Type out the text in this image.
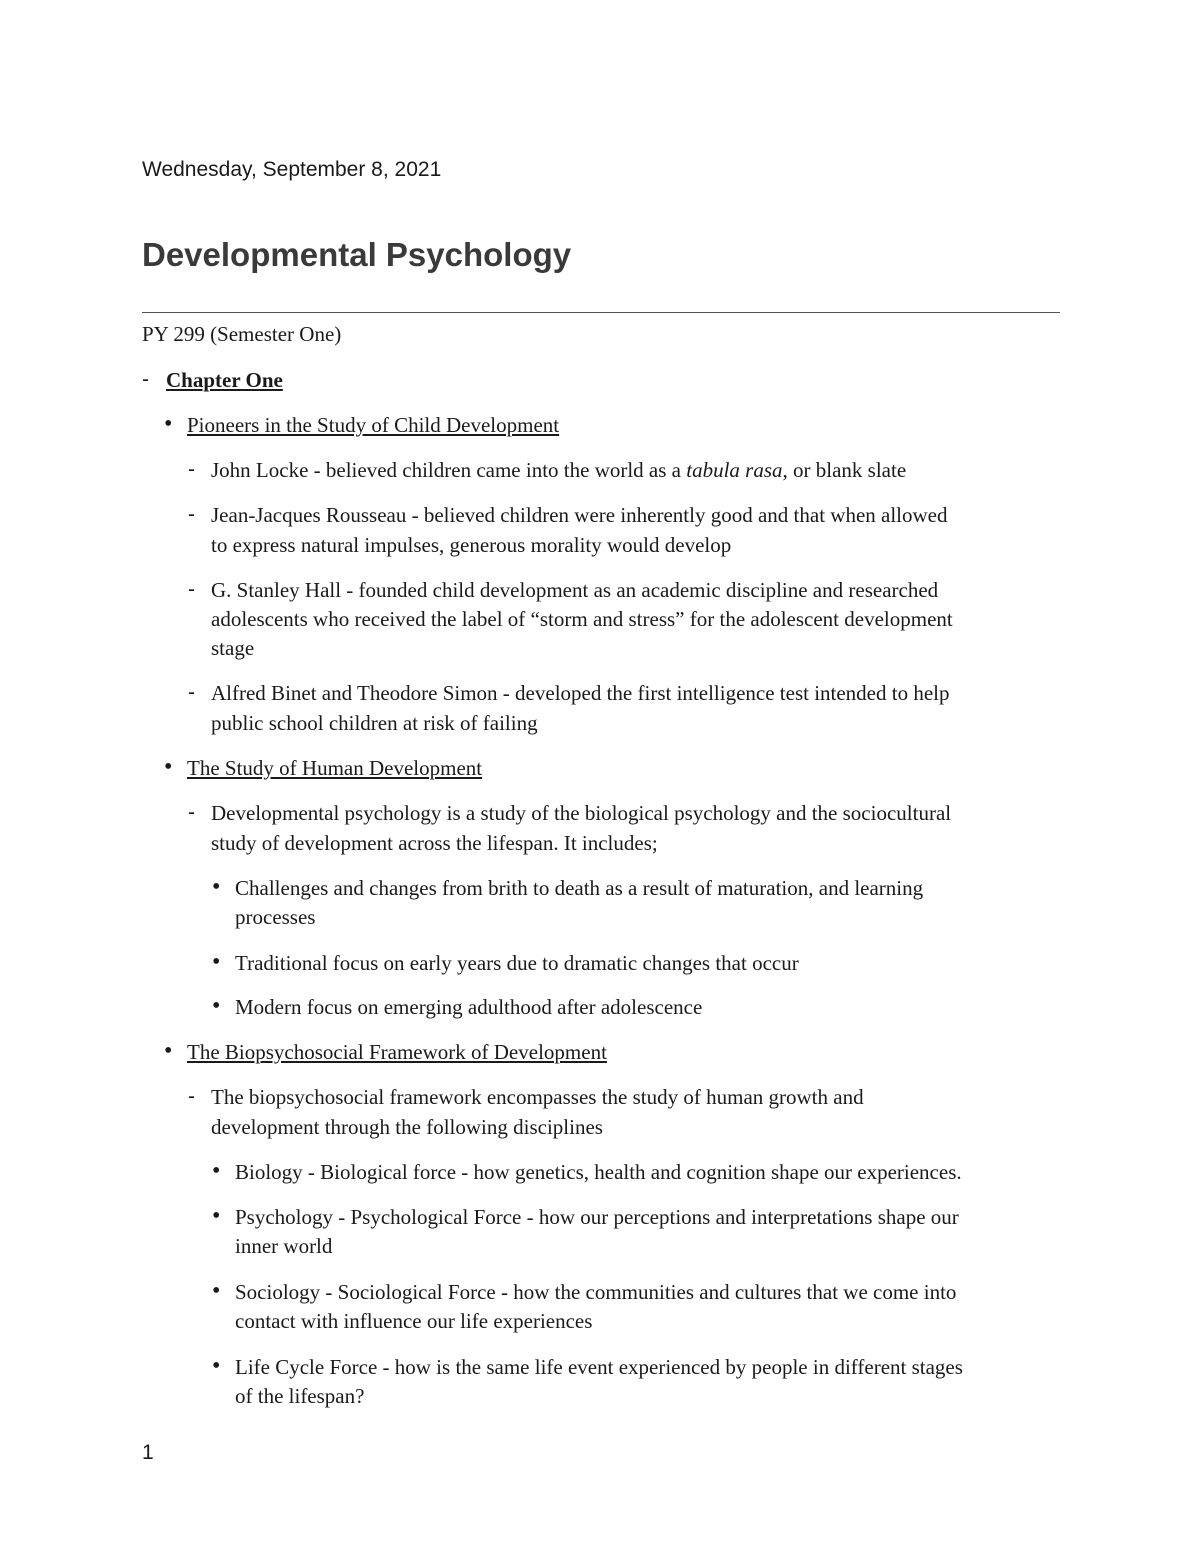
Wednesday, September 8, 2021
Developmental Psychology
PY 299 (Semester One)
- Chapter One
• Pioneers in the Study of Child Development
- John Locke - believed children came into the world as a tabula rasa, or blank slate
- Jean-Jacques Rousseau - believed children were inherently good and that when allowed
to express natural impulses, generous morality would develop
- G. Stanley Hall - founded child development as an academic discipline and researched
adolescents who received the label of “storm and stress” for the adolescent development
stage
- Alfred Binet and Theodore Simon - developed the first intelligence test intended to help
public school children at risk of failing
• The Study of Human Development
- Developmental psychology is a study of the biological psychology and the sociocultural
study of development across the lifespan. It includes;
• Challenges and changes from brith to death as a result of maturation, and learning
processes
• Traditional focus on early years due to dramatic changes that occur
• Modern focus on emerging adulthood after adolescence
• The Biopsychosocial Framework of Development
- The biopsychosocial framework encompasses the study of human growth and
development through the following disciplines
• Biology - Biological force - how genetics, health and cognition shape our experiences.
• Psychology - Psychological Force - how our perceptions and interpretations shape our
inner world
• Sociology - Sociological Force - how the communities and cultures that we come into
contact with influence our life experiences
• Life Cycle Force - how is the same life event experienced by people in different stages
of the lifespan?
1
